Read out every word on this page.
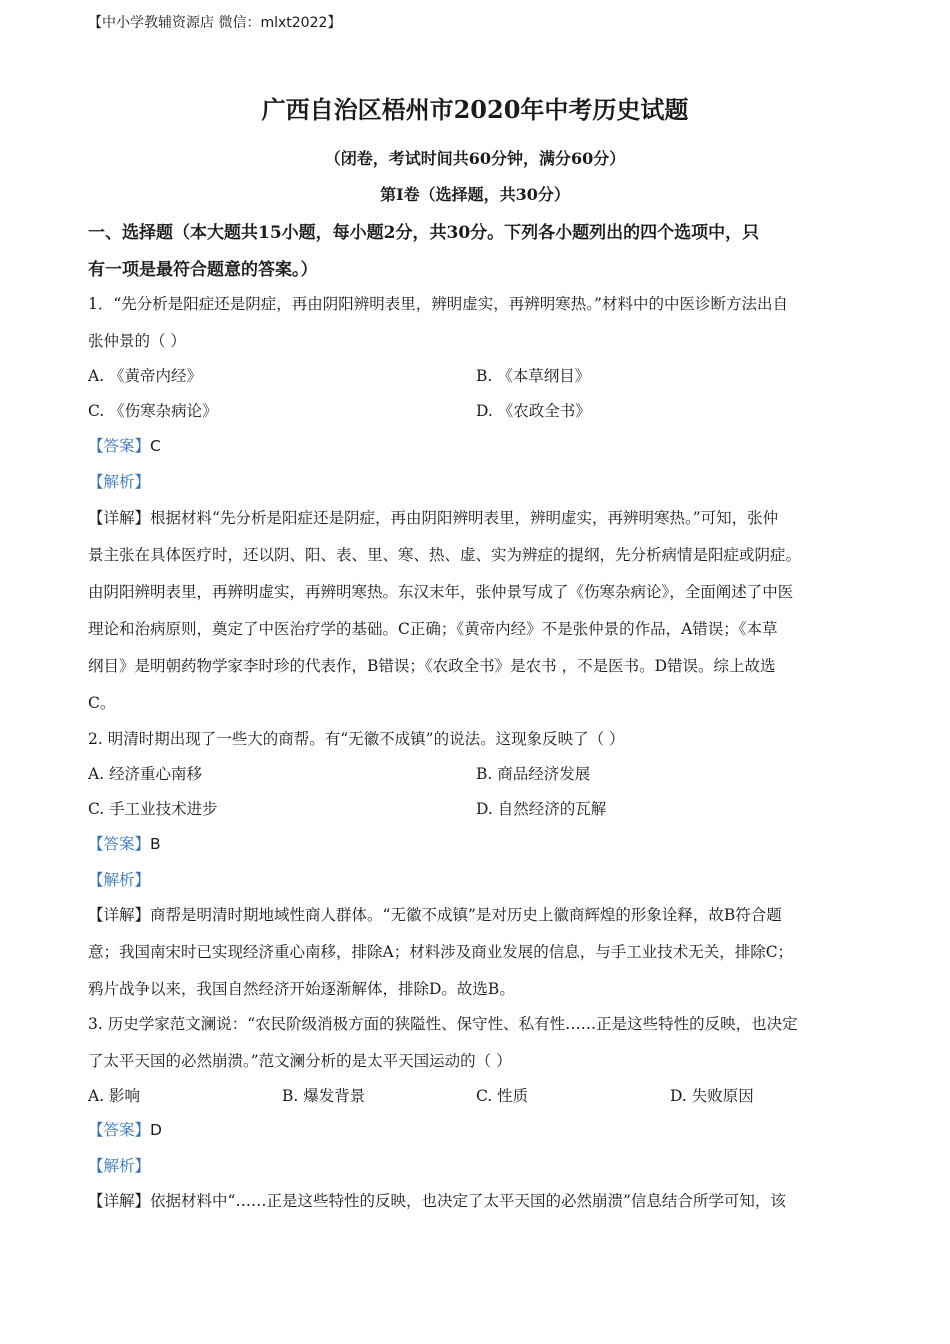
【中小学教辅资源店 微信：mlxt2022】
广西自治区梧州市2020年中考历史试题
（闭卷，考试时间共60分钟，满分60分）
第Ⅰ卷（选择题，共30分）
一、选择题（本大题共15小题，每小题2分，共30分。下列各小题列出的四个选项中，只
有一项是最符合题意的答案。）
1．“先分析是阳症还是阴症，再由阴阳辨明表里，辨明虚实，再辨明寒热。”材料中的中医诊断方法出自
张仲景的（ ）
A. 《黄帝内经》	B. 《本草纲目》
C. 《伤寒杂病论》	D. 《农政全书》
【答案】C
【解析】
【详解】根据材料“先分析是阳症还是阴症，再由阴阳辨明表里，辨明虚实，再辨明寒热。”可知，张仲
景主张在具体医疗时，还以阴、阳、表、里、寒、热、虚、实为辨症的提纲，先分析病情是阳症或阴症。
由阴阳辨明表里，再辨明虚实，再辨明寒热。东汉末年，张仲景写成了《伤寒杂病论》，全面阐述了中医
理论和治病原则，奠定了中医治疗学的基础。C正确；《黄帝内经》不是张仲景的作品，A错误；《本草
纲目》是明朝药物学家李时珍的代表作，B错误；《农政全书》是农书 ，不是医书。D错误。综上故选
C。
2. 明清时期出现了一些大的商帮。有“无徽不成镇”的说法。这现象反映了（ ）
A. 经济重心南移	B. 商品经济发展
C. 手工业技术进步	D. 自然经济的瓦解
【答案】B
【解析】
【详解】商帮是明清时期地域性商人群体。“无徽不成镇”是对历史上徽商辉煌的形象诠释，故B符合题
意；我国南宋时已实现经济重心南移，排除A；材料涉及商业发展的信息，与手工业技术无关，排除C；
鸦片战争以来，我国自然经济开始逐渐解体，排除D。故选B。
3. 历史学家范文澜说：“农民阶级消极方面的狭隘性、保守性、私有性……正是这些特性的反映，也决定
了太平天国的必然崩溃。”范文澜分析的是太平天国运动的（ ）
A. 影响	B. 爆发背景	C. 性质	D. 失败原因
【答案】D
【解析】
【详解】依据材料中“……正是这些特性的反映，也决定了太平天国的必然崩溃”信息结合所学可知，该
